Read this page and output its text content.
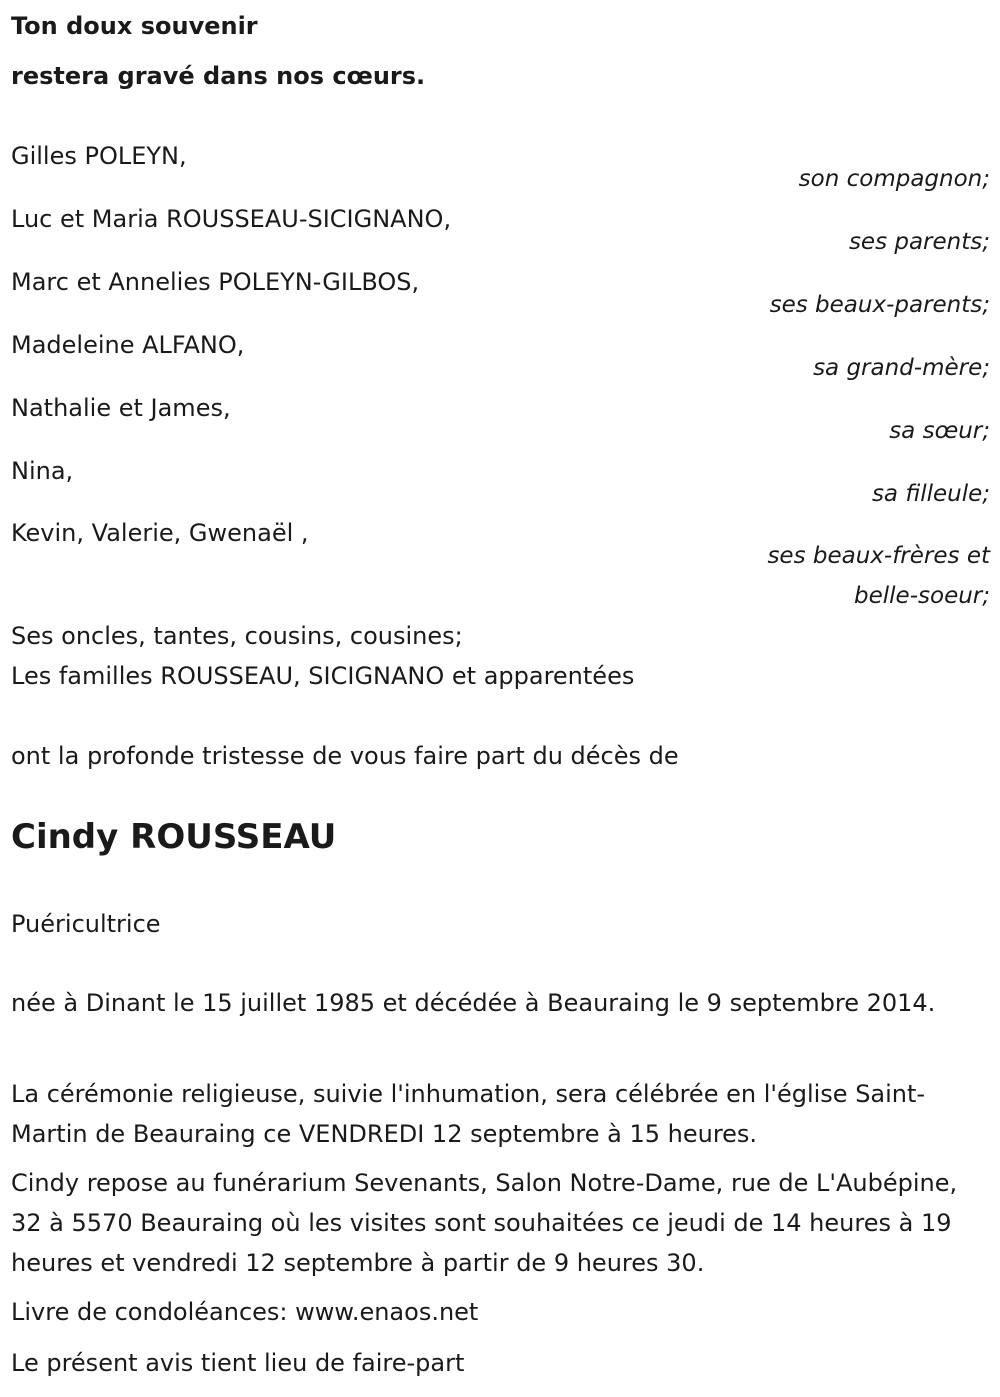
Ton doux souvenir
restera gravé dans nos cœurs.
Gilles POLEYN,
son compagnon;
Luc et Maria ROUSSEAU-SICIGNANO,
ses parents;
Marc et Annelies POLEYN-GILBOS,
ses beaux-parents;
Madeleine ALFANO,
sa grand-mère;
Nathalie et James,
sa sœur;
Nina,
sa filleule;
Kevin, Valerie, Gwenaël ,
ses beaux-frères et
belle-soeur;
Ses oncles, tantes, cousins, cousines;
Les familles ROUSSEAU, SICIGNANO et apparentées
ont la profonde tristesse de vous faire part du décès de
Cindy ROUSSEAU
Puéricultrice
née à Dinant le 15 juillet 1985 et décédée à Beauraing le 9 septembre 2014.
La cérémonie religieuse, suivie l'inhumation, sera célébrée en l'église Saint-Martin de Beauraing ce VENDREDI 12 septembre à 15 heures.
Cindy repose au funérarium Sevenants, Salon Notre-Dame, rue de L'Aubépine, 32 à 5570 Beauraing où les visites sont souhaitées ce jeudi de 14 heures à 19 heures et vendredi 12 septembre à partir de 9 heures 30.
Livre de condoléances: www.enaos.net
Le présent avis tient lieu de faire-part
